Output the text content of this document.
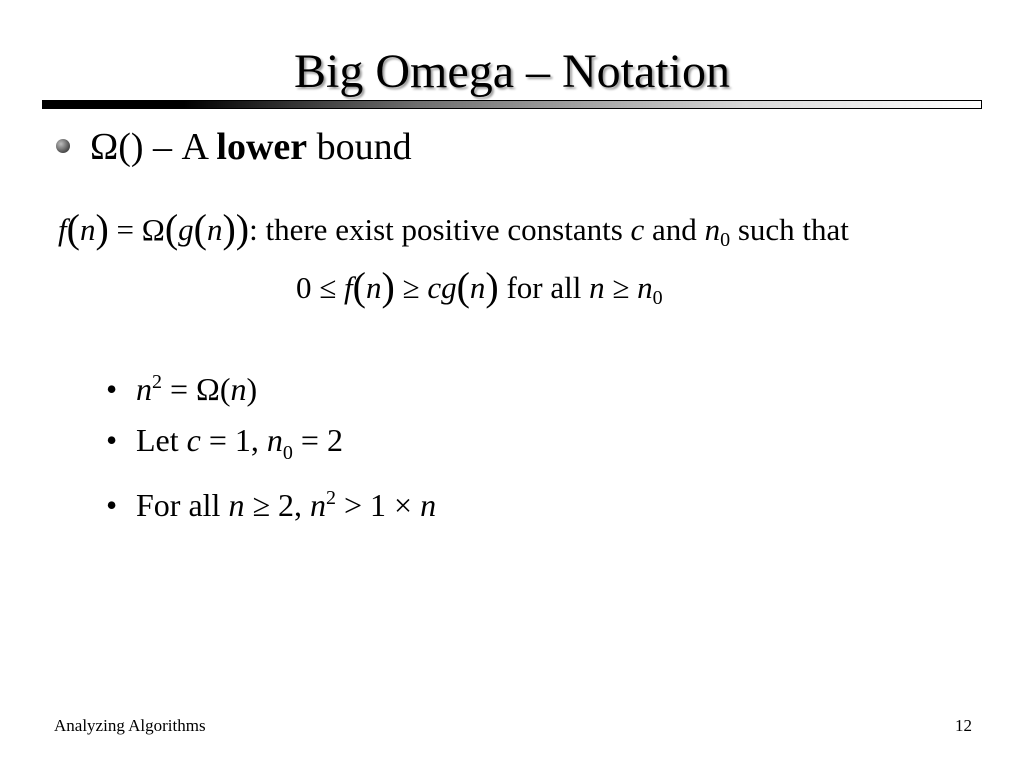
Big Omega – Notation
Ω() – A lower bound
f(n) = Ω(g(n)): there exist positive constants c and $n_0$ such that
0 ≤ f(n) ≥ cg(n) for all $n \ge n_0$
• $n^2 = \Omega(n)$
• Let c = 1, $n_0 = 2$
• For all n ≥ 2, $n^2 > 1 \times n$
Analyzing Algorithms	12
